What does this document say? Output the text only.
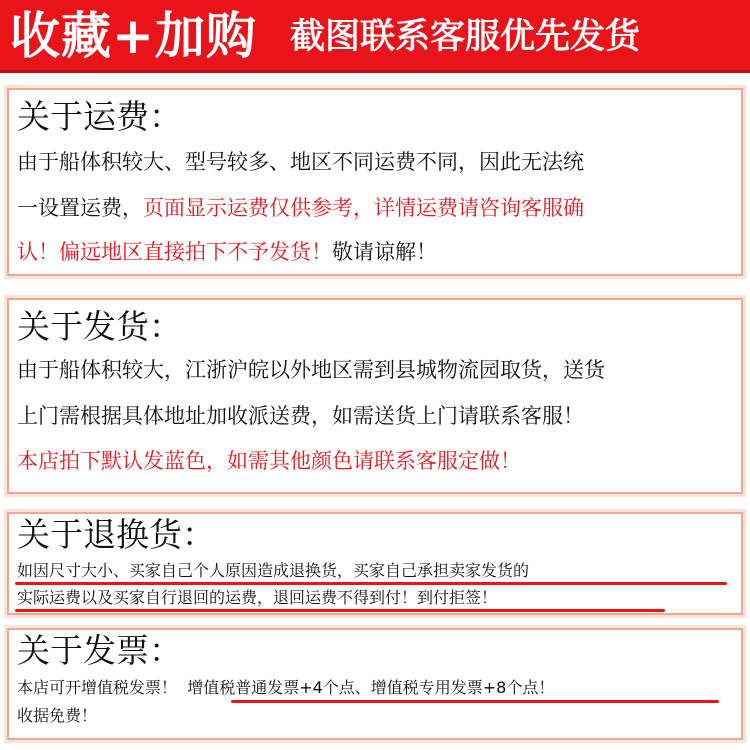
收藏+加购 截图联系客服优先发货
关于运费：
由于船体积较大、型号较多、地区不同运费不同，因此无法统
一设置运费，页面显示运费仅供参考，详情运费请咨询客服确
认！偏远地区直接拍下不予发货！敬请谅解！
关于发货：
由于船体积较大，江浙沪皖以外地区需到县城物流园取货，送货
上门需根据具体地址加收派送费，如需送货上门请联系客服！
本店拍下默认发蓝色，如需其他颜色请联系客服定做！
关于退换货：
如因尺寸大小、买家自己个人原因造成退换货，买家自己承担卖家发货的
实际运费以及买家自行退回的运费，退回运费不得到付！到付拒签！
关于发票：
本店可开增值税发票！ 增值税普通发票+4个点、增值税专用发票+8个点！
收据免费！
